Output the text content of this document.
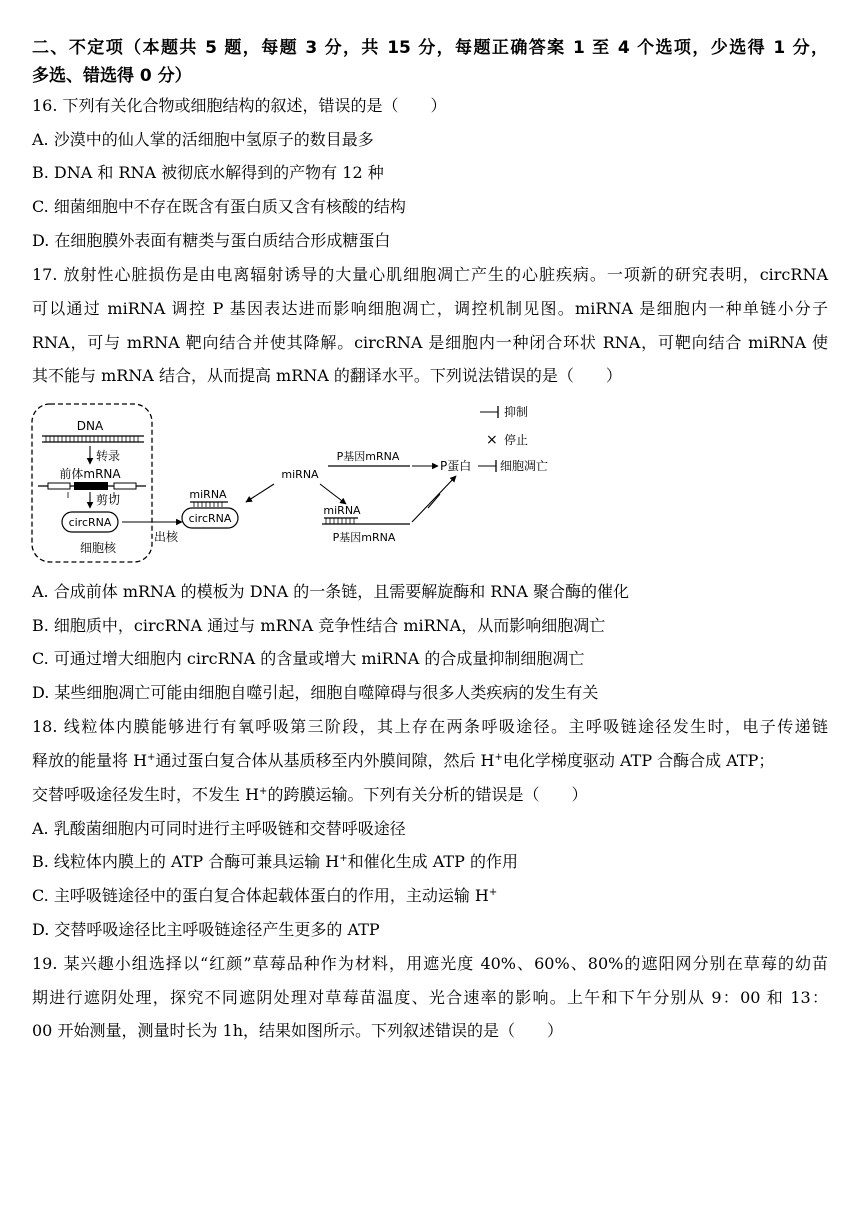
二、不定项（本题共 5 题，每题 3 分，共 15 分，每题正确答案 1 至 4 个选项，少选得 1 分，
多选、错选得 0 分）
16. 下列有关化合物或细胞结构的叙述，错误的是（　　）
A. 沙漠中的仙人掌的活细胞中氢原子的数目最多
B. DNA 和 RNA 被彻底水解得到的产物有 12 种
C. 细菌细胞中不存在既含有蛋白质又含有核酸的结构
D. 在细胞膜外表面有糖类与蛋白质结合形成糖蛋白
17. 放射性心脏损伤是由电离辐射诱导的大量心肌细胞凋亡产生的心脏疾病。一项新的研究表明，circRNA
可以通过 miRNA 调控 P 基因表达进而影响细胞凋亡，调控机制见图。miRNA 是细胞内一种单链小分子
RNA，可与 mRNA 靶向结合并使其降解。circRNA 是细胞内一种闭合环状 RNA，可靶向结合 miRNA 使
其不能与 mRNA 结合，从而提高 mRNA 的翻译水平。下列说法错误的是（　　）
DNA
转录
前体mRNA
剪切
circRNA
细胞核
出核
miRNA
circRNA
miRNA
P基因mRNA
P蛋白 细胞凋亡
miRNA
P基因mRNA
抑制
× 停止
A. 合成前体 mRNA 的模板为 DNA 的一条链，且需要解旋酶和 RNA 聚合酶的催化
B. 细胞质中，circRNA 通过与 mRNA 竞争性结合 miRNA，从而影响细胞凋亡
C. 可通过增大细胞内 circRNA 的含量或增大 miRNA 的合成量抑制细胞凋亡
D. 某些细胞凋亡可能由细胞自噬引起，细胞自噬障碍与很多人类疾病的发生有关
18. 线粒体内膜能够进行有氧呼吸第三阶段，其上存在两条呼吸途径。主呼吸链途径发生时，电子传递链
释放的能量将 H+通过蛋白复合体从基质移至内外膜间隙，然后 H+电化学梯度驱动 ATP 合酶合成 ATP；
交替呼吸途径发生时，不发生 H+的跨膜运输。下列有关分析的错误是（　　）
A. 乳酸菌细胞内可同时进行主呼吸链和交替呼吸途径
B. 线粒体内膜上的 ATP 合酶可兼具运输 H+和催化生成 ATP 的作用
C. 主呼吸链途径中的蛋白复合体起载体蛋白的作用，主动运输 H+
D. 交替呼吸途径比主呼吸链途径产生更多的 ATP
19. 某兴趣小组选择以“红颜”草莓品种作为材料，用遮光度 40%、60%、80%的遮阳网分别在草莓的幼苗
期进行遮阴处理，探究不同遮阴处理对草莓苗温度、光合速率的影响。上午和下午分别从 9：00 和 13：
00 开始测量，测量时长为 1h，结果如图所示。下列叙述错误的是（　　）
